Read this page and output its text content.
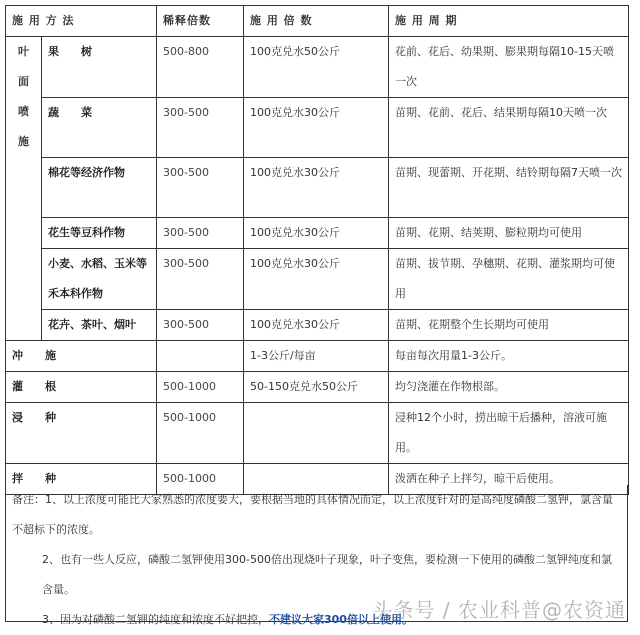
施 用 方 法		稀释倍数	施 用 倍 数	施 用 周 期

叶
面
喷
施	果　　树	500-800	100克兑水50公斤	花前、花后、幼果期、膨果期每隔10-15天喷一次
	蔬　　菜	300-500	100克兑水30公斤	苗期、花前、花后、结果期每隔10天喷一次
	棉花等经济作物	300-500	100克兑水30公斤	苗期、现蕾期、开花期、结铃期每隔7天喷一次
	花生等豆科作物	300-500	100克兑水30公斤	苗期、花期、结荚期、膨粒期均可使用
	小麦、水稻、玉米等禾本科作物	300-500	100克兑水30公斤	苗期、拔节期、孕穗期、花期、灌浆期均可使用
	花卉、茶叶、烟叶	300-500	100克兑水30公斤	苗期、花期整个生长期均可使用
冲　　施			1-3公斤/每亩	每亩每次用量1-3公斤。
灌　　根		500-1000	50-150克兑水50公斤	均匀浇灌在作物根部。
浸　　种		500-1000		浸种12个小时，捞出晾干后播种，溶液可施用。
拌　　种		500-1000		泼洒在种子上拌匀，晾干后使用。

备注：1、以上浓度可能比大家熟悉的浓度要大，要根据当地的具体情况而定，以上浓度针对的是高纯度磷酸二氢钾，氯含量不超标下的浓度。

2、也有一些人反应，磷酸二氢钾使用300-500倍出现烧叶子现象，叶子变焦，要检测一下使用的磷酸二氢钾纯度和氯含量。

3、因为对磷酸二氢钾的纯度和浓度不好把控，不建议大家300倍以上使用。

头条号 / 农业科普@农资通
